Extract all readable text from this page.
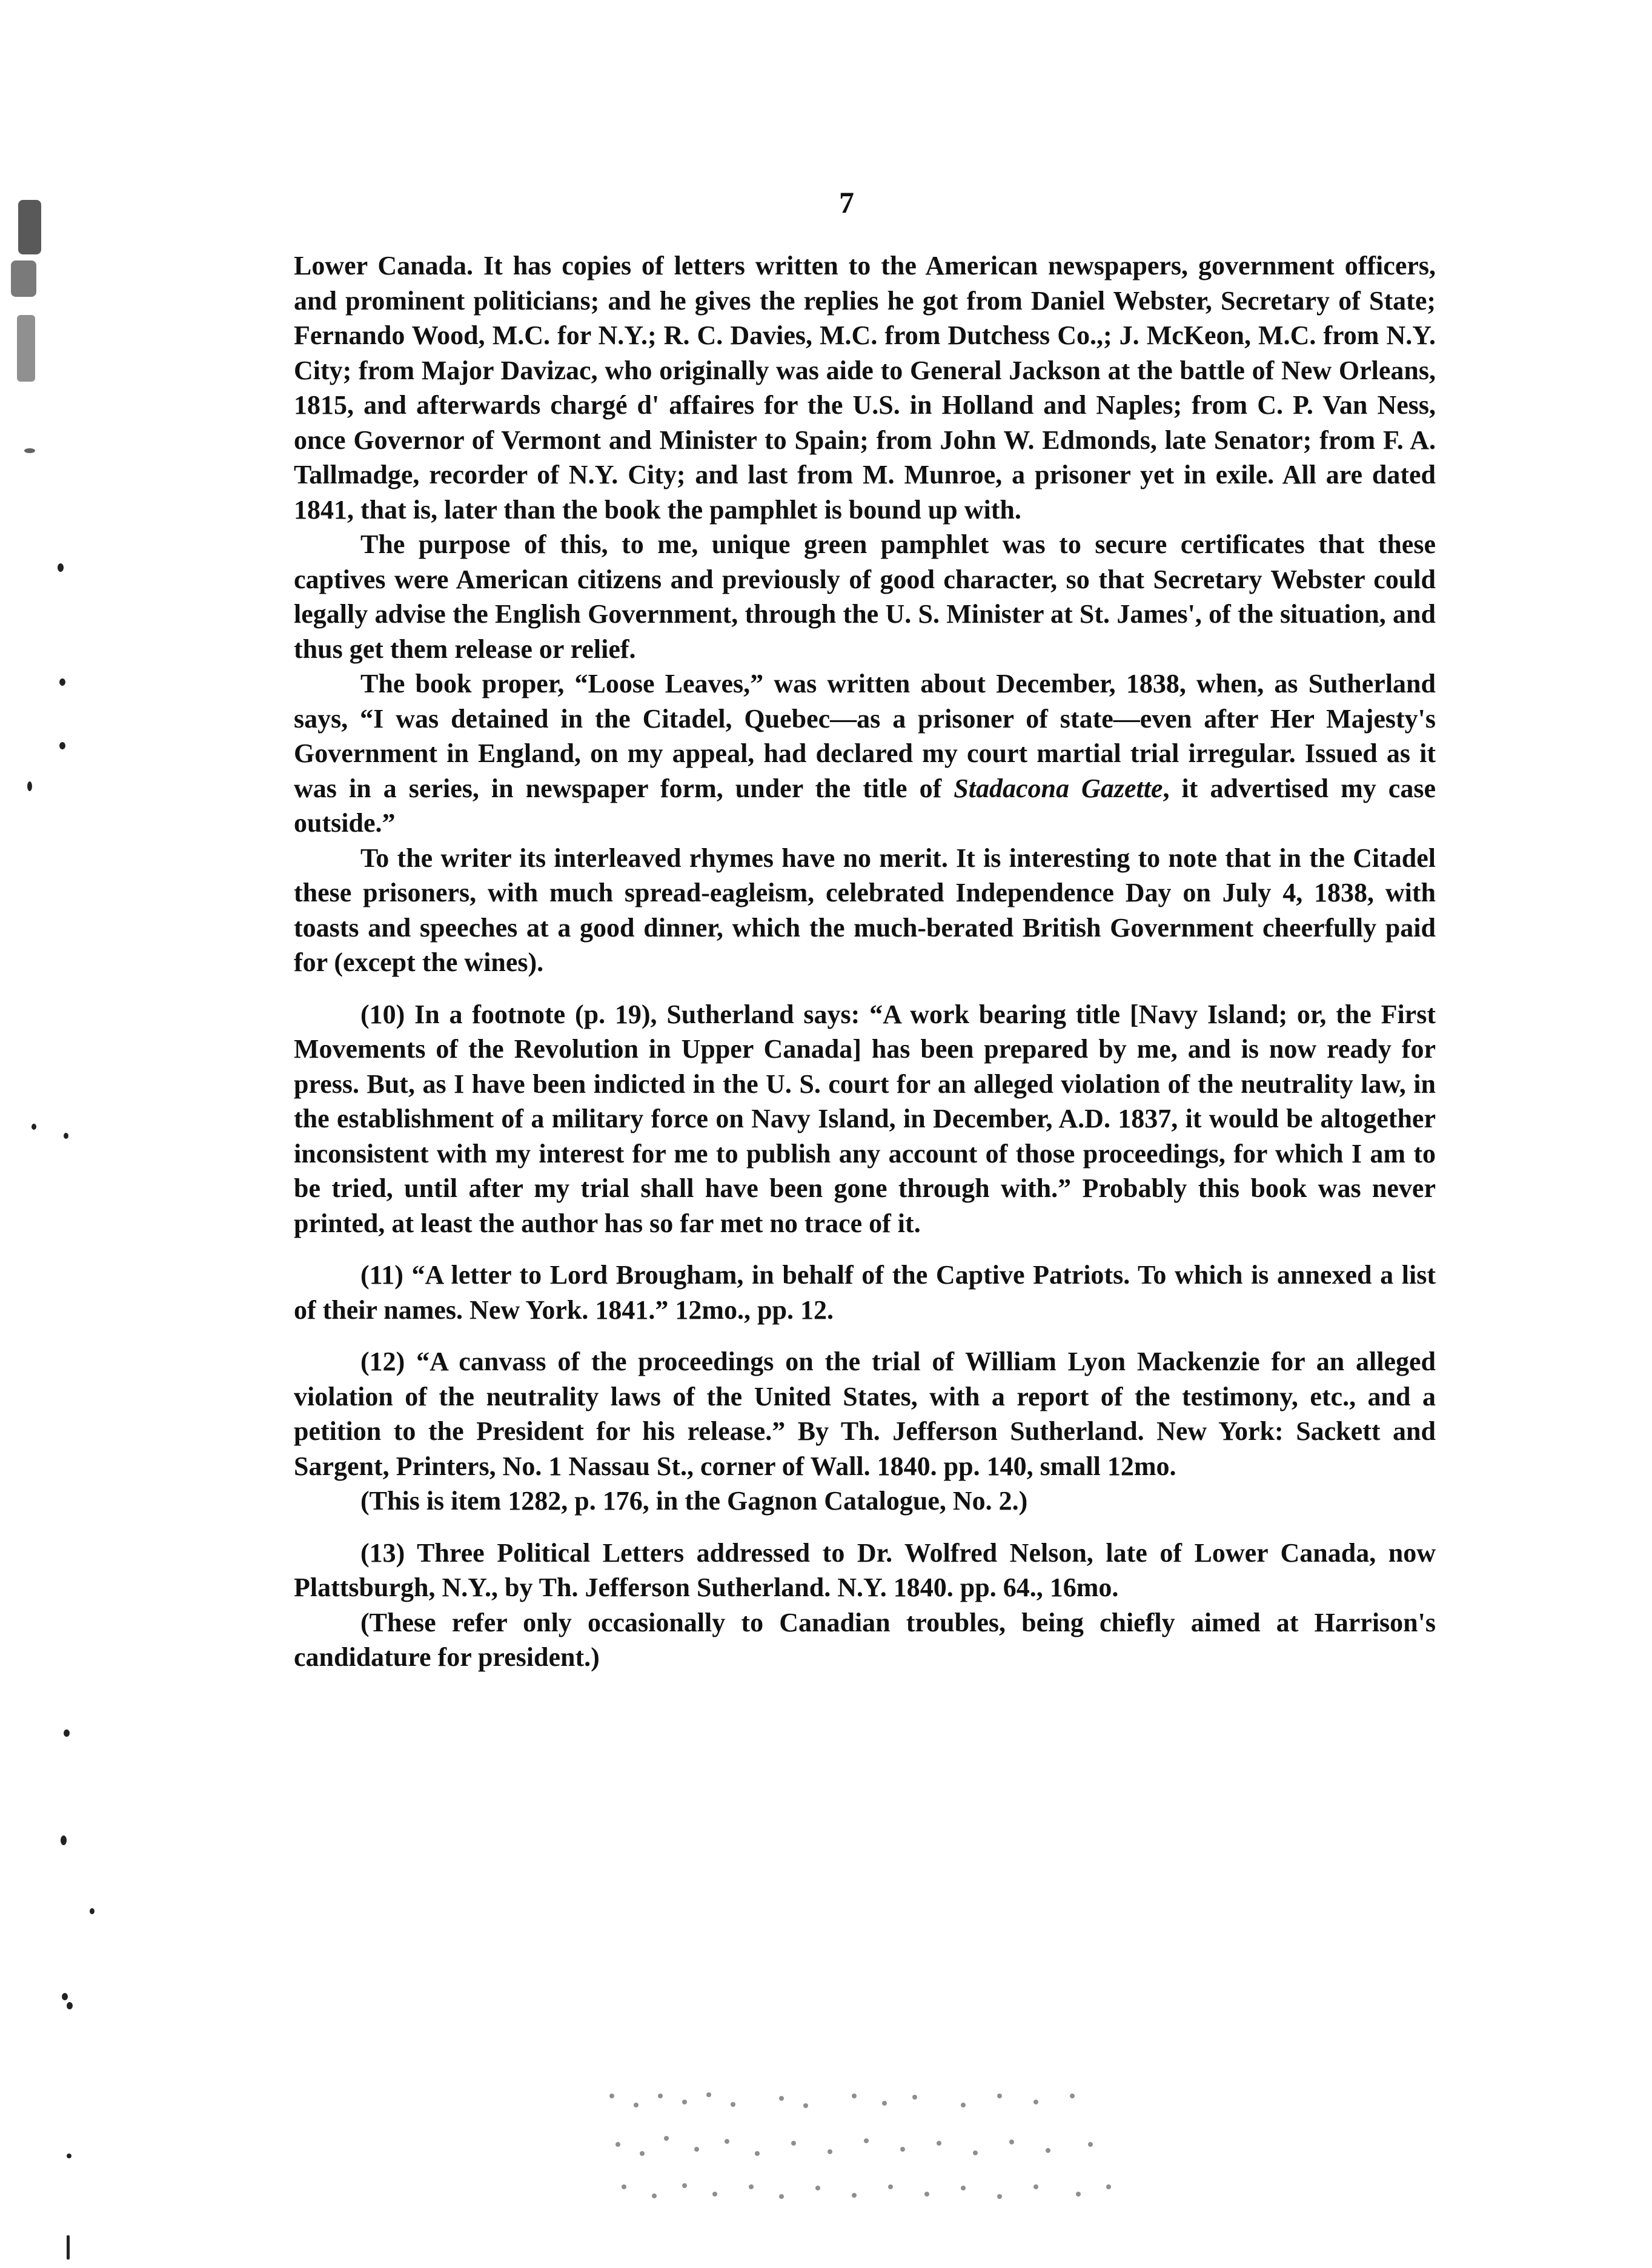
7

Lower Canada. It has copies of letters written to the American newspapers, government officers, and prominent politicians; and he gives the replies he got from Daniel Webster, Secretary of State; Fernando Wood, M.C. for N.Y.; R. C. Davies, M.C. from Dutchess Co.,; J. McKeon, M.C. from N.Y. City; from Major Davizac, who originally was aide to General Jackson at the battle of New Orleans, 1815, and afterwards chargé d' affaires for the U.S. in Holland and Naples; from C. P. Van Ness, once Governor of Vermont and Minister to Spain; from John W. Edmonds, late Senator; from F. A. Tallmadge, recorder of N.Y. City; and last from M. Munroe, a prisoner yet in exile. All are dated 1841, that is, later than the book the pamphlet is bound up with.

The purpose of this, to me, unique green pamphlet was to secure certificates that these captives were American citizens and previously of good character, so that Secretary Webster could legally advise the English Government, through the U. S. Minister at St. James', of the situation, and thus get them release or relief.

The book proper, “Loose Leaves,” was written about December, 1838, when, as Sutherland says, “I was detained in the Citadel, Quebec—as a prisoner of state—even after Her Majesty's Government in England, on my appeal, had declared my court martial trial irregular. Issued as it was in a series, in newspaper form, under the title of Stadacona Gazette, it advertised my case outside.”

To the writer its interleaved rhymes have no merit. It is interesting to note that in the Citadel these prisoners, with much spread-eagleism, celebrated Independence Day on July 4, 1838, with toasts and speeches at a good dinner, which the much-berated British Government cheerfully paid for (except the wines).

(10) In a footnote (p. 19), Sutherland says: “A work bearing title [Navy Island; or, the First Movements of the Revolution in Upper Canada] has been prepared by me, and is now ready for press. But, as I have been indicted in the U. S. court for an alleged violation of the neutrality law, in the establishment of a military force on Navy Island, in December, A.D. 1837, it would be altogether inconsistent with my interest for me to publish any account of those proceedings, for which I am to be tried, until after my trial shall have been gone through with.” Probably this book was never printed, at least the author has so far met no trace of it.

(11) “A letter to Lord Brougham, in behalf of the Captive Patriots. To which is annexed a list of their names. New York. 1841.” 12mo., pp. 12.

(12) “A canvass of the proceedings on the trial of William Lyon Mackenzie for an alleged violation of the neutrality laws of the United States, with a report of the testimony, etc., and a petition to the President for his release.” By Th. Jefferson Sutherland. New York: Sackett and Sargent, Printers, No. 1 Nassau St., corner of Wall. 1840. pp. 140, small 12mo.

(This is item 1282, p. 176, in the Gagnon Catalogue, No. 2.)

(13) Three Political Letters addressed to Dr. Wolfred Nelson, late of Lower Canada, now Plattsburgh, N.Y., by Th. Jefferson Sutherland. N.Y. 1840. pp. 64., 16mo.

(These refer only occasionally to Canadian troubles, being chiefly aimed at Harrison's candidature for president.)
